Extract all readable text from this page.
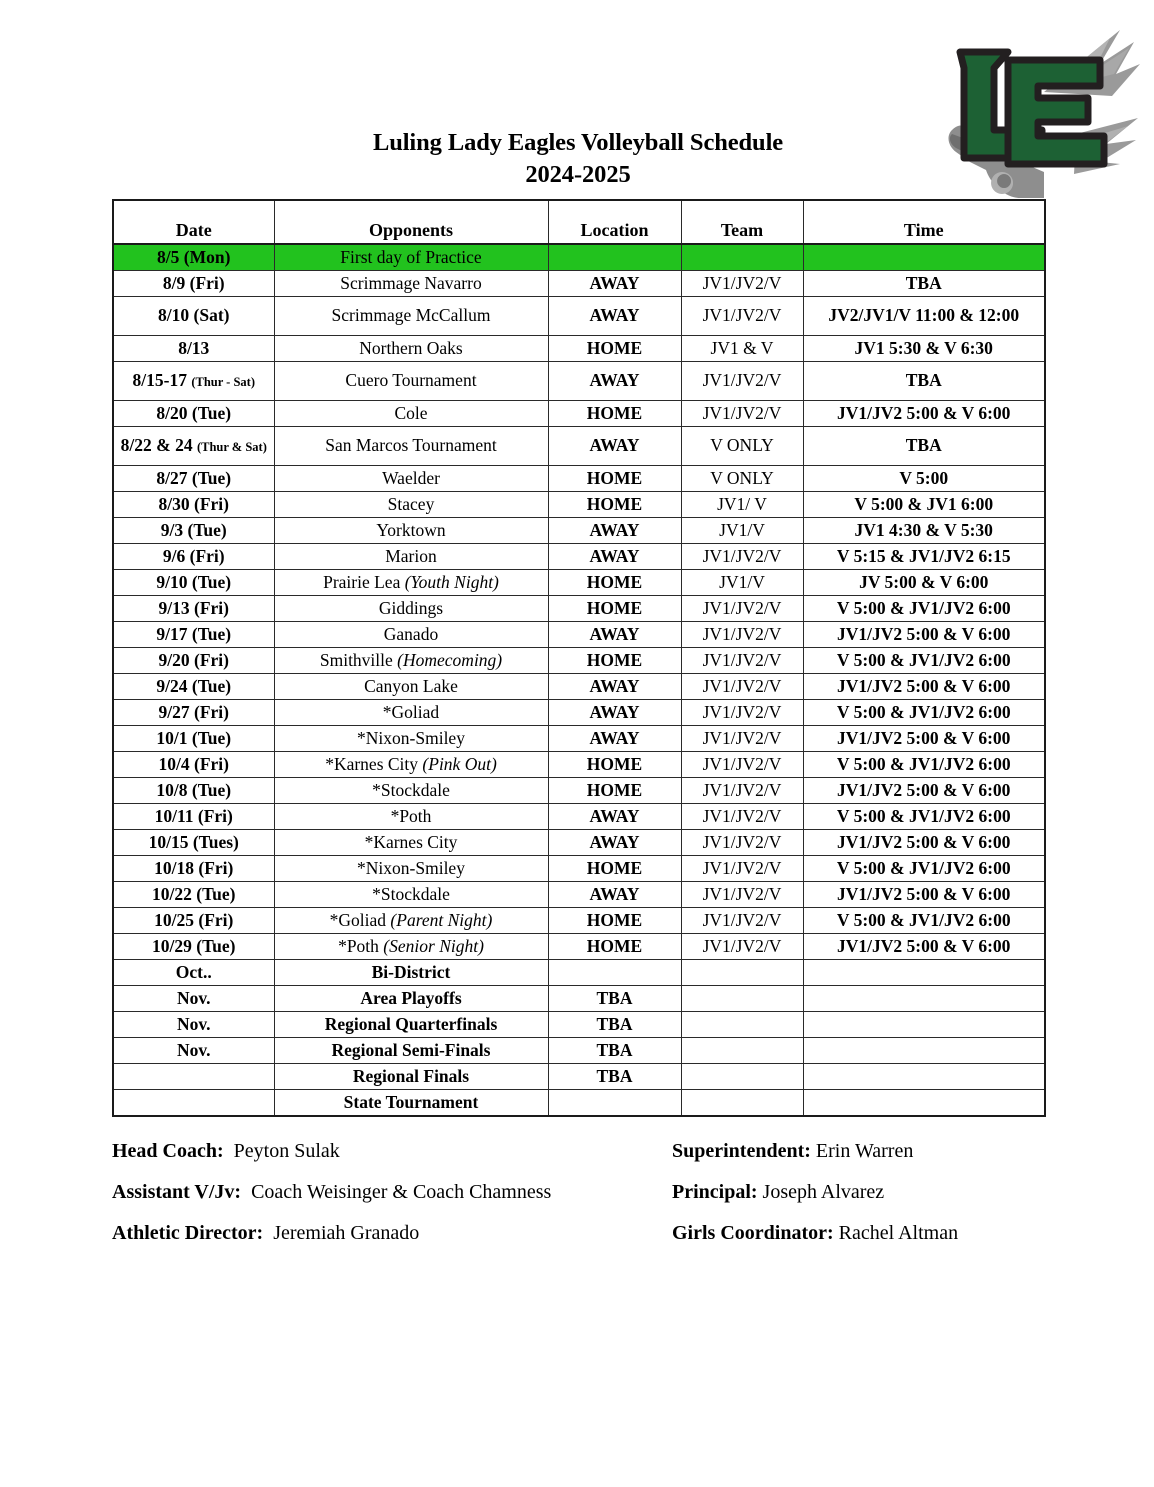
Luling Lady Eagles Volleyball Schedule
2024-2025
Date	Opponents	Location	Team	Time
8/5 (Mon)	First day of Practice			
8/9 (Fri)	Scrimmage Navarro	AWAY	JV1/JV2/V	TBA
8/10 (Sat)	Scrimmage McCallum	AWAY	JV1/JV2/V	JV2/JV1/V 11:00 & 12:00
8/13	Northern Oaks	HOME	JV1 & V	JV1 5:30 & V 6:30
8/15-17 (Thur - Sat)	Cuero Tournament	AWAY	JV1/JV2/V	TBA
8/20 (Tue)	Cole	HOME	JV1/JV2/V	JV1/JV2 5:00 & V 6:00
8/22 & 24 (Thur & Sat)	San Marcos Tournament	AWAY	V ONLY	TBA
8/27 (Tue)	Waelder	HOME	V ONLY	V 5:00
8/30 (Fri)	Stacey	HOME	JV1/ V	V 5:00 & JV1 6:00
9/3 (Tue)	Yorktown	AWAY	JV1/V	JV1 4:30 & V 5:30
9/6 (Fri)	Marion	AWAY	JV1/JV2/V	V 5:15 & JV1/JV2 6:15
9/10 (Tue)	Prairie Lea (Youth Night)	HOME	JV1/V	JV 5:00 & V 6:00
9/13 (Fri)	Giddings	HOME	JV1/JV2/V	V 5:00 & JV1/JV2 6:00
9/17 (Tue)	Ganado	AWAY	JV1/JV2/V	JV1/JV2 5:00 & V 6:00
9/20 (Fri)	Smithville (Homecoming)	HOME	JV1/JV2/V	V 5:00 & JV1/JV2 6:00
9/24 (Tue)	Canyon Lake	AWAY	JV1/JV2/V	JV1/JV2 5:00 & V 6:00
9/27 (Fri)	*Goliad	AWAY	JV1/JV2/V	V 5:00 & JV1/JV2 6:00
10/1 (Tue)	*Nixon-Smiley	AWAY	JV1/JV2/V	JV1/JV2 5:00 & V 6:00
10/4 (Fri)	*Karnes City (Pink Out)	HOME	JV1/JV2/V	V 5:00 & JV1/JV2 6:00
10/8 (Tue)	*Stockdale	HOME	JV1/JV2/V	JV1/JV2 5:00 & V 6:00
10/11 (Fri)	*Poth	AWAY	JV1/JV2/V	V 5:00 & JV1/JV2 6:00
10/15 (Tues)	*Karnes City	AWAY	JV1/JV2/V	JV1/JV2 5:00 & V 6:00
10/18 (Fri)	*Nixon-Smiley	HOME	JV1/JV2/V	V 5:00 & JV1/JV2 6:00
10/22 (Tue)	*Stockdale	AWAY	JV1/JV2/V	JV1/JV2 5:00 & V 6:00
10/25 (Fri)	*Goliad (Parent Night)	HOME	JV1/JV2/V	V 5:00 & JV1/JV2 6:00
10/29 (Tue)	*Poth (Senior Night)	HOME	JV1/JV2/V	JV1/JV2 5:00 & V 6:00
Oct..	Bi-District			
Nov.	Area Playoffs	TBA		
Nov.	Regional Quarterfinals	TBA		
Nov.	Regional Semi-Finals	TBA		
	Regional Finals	TBA		
	State Tournament			
Head Coach: Peyton Sulak	Superintendent: Erin Warren
Assistant V/Jv: Coach Weisinger & Coach Chamness	Principal: Joseph Alvarez
Athletic Director: Jeremiah Granado	Girls Coordinator: Rachel Altman
